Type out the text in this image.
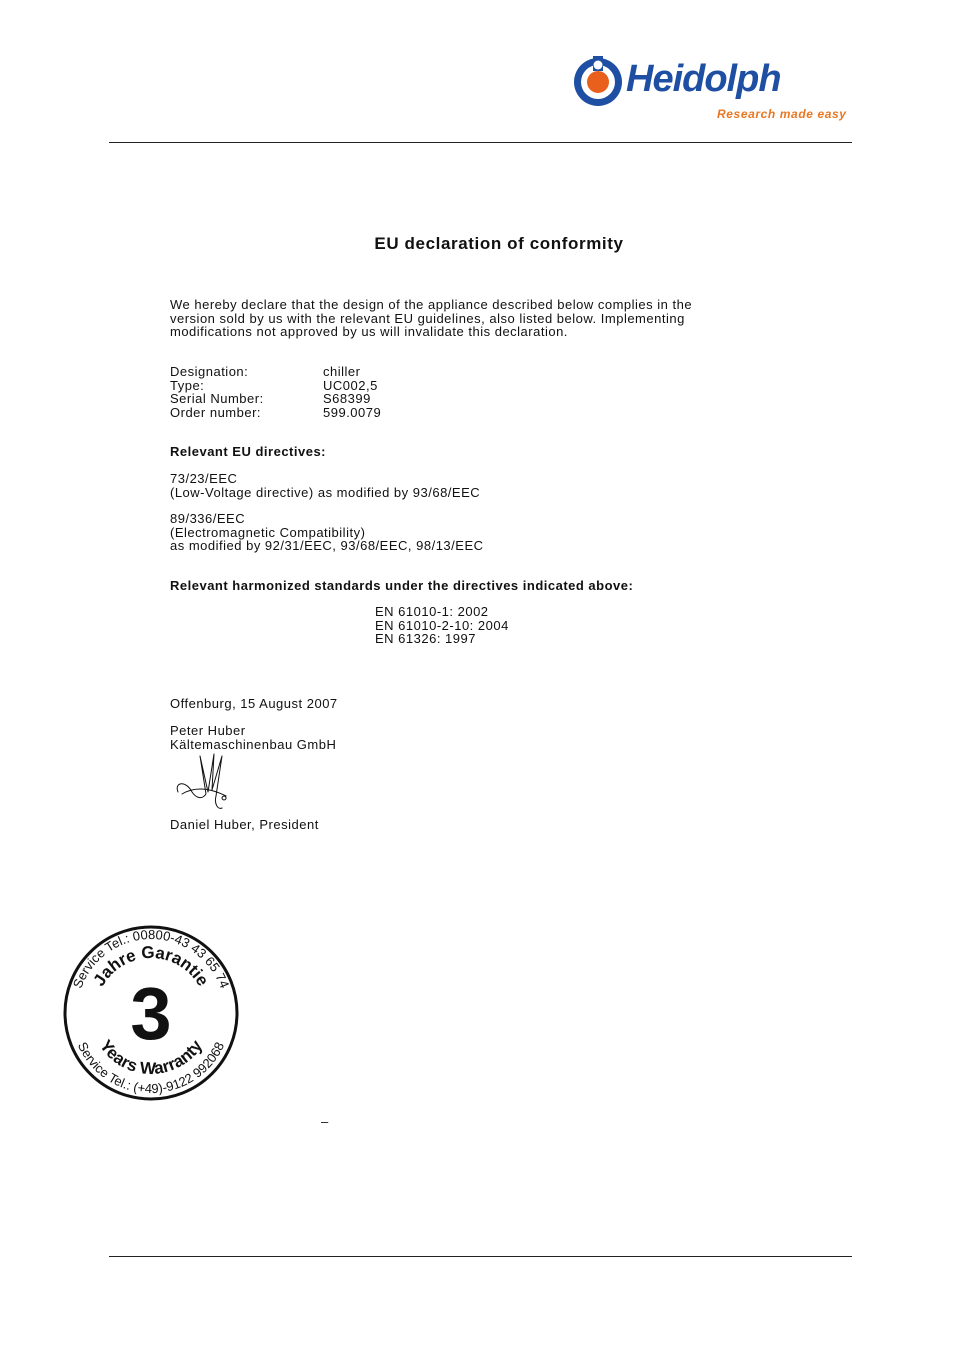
Heidolph
Research made easy
EU declaration of conformity
We hereby declare that the design of the appliance described below complies in the
version sold by us with the relevant EU guidelines, also listed below. Implementing
modifications not approved by us will invalidate this declaration.
Designation:	chiller
Type:	UC002,5
Serial Number:	S68399
Order number:	599.0079
Relevant EU directives:
73/23/EEC
(Low-Voltage directive) as modified by 93/68/EEC
89/336/EEC
(Electromagnetic Compatibility)
as modified by 92/31/EEC, 93/68/EEC, 98/13/EEC
Relevant harmonized standards under the directives indicated above:
EN 61010-1: 2002
EN 61010-2-10: 2004
EN 61326: 1997
Offenburg, 15 August 2007
Peter Huber
Kältemaschinenbau GmbH
Daniel Huber, President
Service Tel.: 00800-43 43 65 74
Service Tel.: (+49)-9122 992068
Jahre Garantie
Years Warranty
3
–
